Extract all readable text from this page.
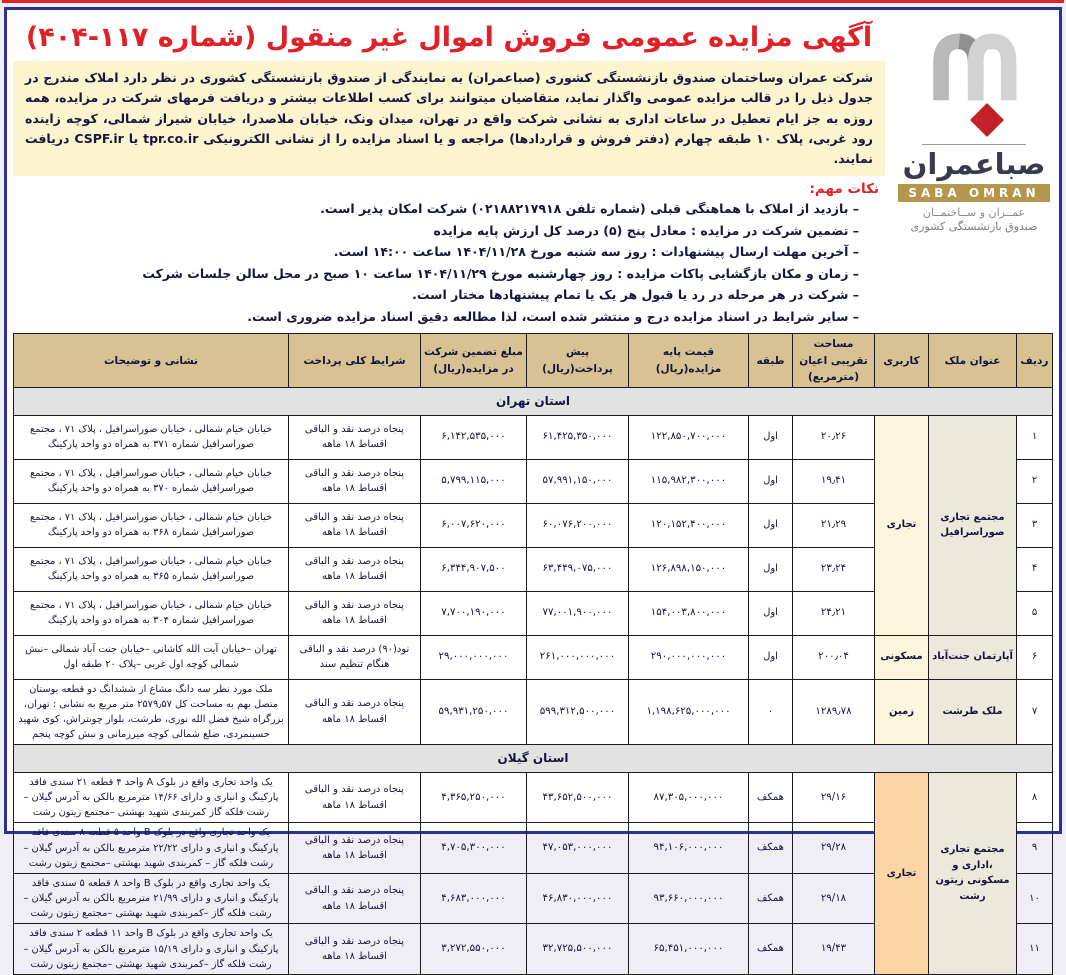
صباعمران
SABA OMRAN
عمــران و ســاختمــان
صندوق بازنشستگی کشوری
آگهی مزایده عمومی فروش اموال غیر منقول (شماره ۱۱۷-۴۰۴)
شرکت عمران وساختمان صندوق بازنشستگی کشوری (صباعمران) به نمایندگی از صندوق بازنشستگی کشوری در نظر دارد املاک مندرج در جدول ذیل را در قالب مزایده عمومی واگذار نماید، متقاضیان میتوانند برای کسب اطلاعات بیشتر و دریافت فرمهای شرکت در مزایده، همه روزه به جز ایام تعطیل در ساعات اداری به نشانی شرکت واقع در تهران، میدان ونک، خیابان ملاصدرا، خیابان شیراز شمالی، کوچه زاینده رود غربی، پلاک ۱۰ طبقه چهارم (دفتر فروش و قراردادها) مراجعه و یا اسناد مزایده را از نشانی الکترونیکی tpr.co.ir یا CSPF.ir دریافت نمایند.
نکات مهم:
– بازدید از املاک با هماهنگی قبلی (شماره تلفن ۰۲۱۸۸۲۱۷۹۱۸) شرکت امکان پذیر است.
– تضمین شرکت در مزایده : معادل پنج (۵) درصد کل ارزش پایه مزایده
– آخرین مهلت ارسال پیشنهادات : روز سه شنبه مورخ ۱۴۰۴/۱۱/۲۸ ساعت ۱۴:۰۰ است.
– زمان و مکان بازگشایی پاکات مزایده : روز چهارشنبه مورخ ۱۴۰۴/۱۱/۲۹ ساعت ۱۰ صبح در محل سالن جلسات شرکت
– شرکت در هر مرحله در رد یا قبول هر یک یا تمام پیشنهادها مختار است.
– سایر شرایط در اسناد مزایده درج و منتشر شده است، لذا مطالعه دقیق اسناد مزایده ضروری است.
ردیف	عنوان ملک	کاربری	مساحت تقریبی اعیان (مترمربع)	طبقه	قیمت پایه مزایده(ریال)	پیش پرداخت(ریال)	مبلغ تضمین شرکت در مزایده(ریال)	شرایط کلی پرداخت	نشانی و توضیحات
استان تهران									
۱	مجتمع تجاری صوراسرافیل	تجاری	۲۰٫۲۶	اول	۱۲۲,۸۵۰,۷۰۰,۰۰۰	۶۱,۴۲۵,۳۵۰,۰۰۰	۶,۱۴۲,۵۳۵,۰۰۰	پنجاه درصد نقد و الباقی اقساط ۱۸ ماهه	خیابان خیام شمالی ، خیابان صوراسرافیل ، پلاک ۷۱ ، مجتمع صوراسرافیل شماره ۳۷۱ به همراه دو واحد پارکینگ
۲			۱۹٫۴۱	اول	۱۱۵,۹۸۲,۳۰۰,۰۰۰	۵۷,۹۹۱,۱۵۰,۰۰۰	۵,۷۹۹,۱۱۵,۰۰۰	پنجاه درصد نقد و الباقی اقساط ۱۸ ماهه	خیابان خیام شمالی ، خیابان صوراسرافیل ، پلاک ۷۱ ، مجتمع صوراسرافیل شماره ۳۷۰ به همراه دو واحد پارکینگ
۳			۲۱٫۲۹	اول	۱۲۰,۱۵۲,۴۰۰,۰۰۰	۶۰,۰۷۶,۲۰۰,۰۰۰	۶,۰۰۷,۶۲۰,۰۰۰	پنجاه درصد نقد و الباقی اقساط ۱۸ ماهه	خیابان خیام شمالی ، خیابان صوراسرافیل ، پلاک ۷۱ ، مجتمع صوراسرافیل شماره ۳۶۸ به همراه دو واحد پارکینگ
۴			۲۳٫۲۴	اول	۱۲۶,۸۹۸,۱۵۰,۰۰۰	۶۳,۴۴۹,۰۷۵,۰۰۰	۶,۳۴۴,۹۰۷,۵۰۰	پنجاه درصد نقد و الباقی اقساط ۱۸ ماهه	خیابان خیام شمالی ، خیابان صوراسرافیل ، پلاک ۷۱ ، مجتمع صوراسرافیل شماره ۳۶۵ به همراه دو واحد پارکینگ
۵			۲۴٫۲۱	اول	۱۵۴,۰۰۳,۸۰۰,۰۰۰	۷۷,۰۰۱,۹۰۰,۰۰۰	۷,۷۰۰,۱۹۰,۰۰۰	پنجاه درصد نقد و الباقی اقساط ۱۸ ماهه	خیابان خیام شمالی ، خیابان صوراسرافیل ، پلاک ۷۱ ، مجتمع صوراسرافیل شماره ۳۰۴ به همراه دو واحد پارکینگ
۶	آپارتمان جنت‌آباد	مسکونی	۲۰۰٫۰۴	اول	۲۹۰,۰۰۰,۰۰۰,۰۰۰	۲۶۱,۰۰۰,۰۰۰,۰۰۰	۲۹,۰۰۰,۰۰۰,۰۰۰	نود(۹۰) درصد نقد و الباقی هنگام تنظیم سند	تهران –خیابان آیت الله کاشانی –خیابان جنت آباد شمالی –نبش شمالی کوچه اول غربی –پلاک ۲۰ طبقه اول
۷	ملک طرشت	زمین	۱۲۸۹٫۷۸	۰	۱,۱۹۸,۶۲۵,۰۰۰,۰۰۰	۵۹۹,۳۱۲,۵۰۰,۰۰۰	۵۹,۹۳۱,۲۵۰,۰۰۰	پنجاه درصد نقد و الباقی اقساط ۱۸ ماهه	ملک مورد نظر سه دانگ مشاع از ششدانگ دو قطعه بوستان متصل بهم به مساحت کل ۲۵۷۹٫۵۷ متر مربع به نشانی : تهران، بزرگراه شیخ فضل الله نوری، طرشت، بلوار چوبتراش، کوی شهید حسینمردی، ضلع شمالی کوچه میرزمانی و نبش کوچه پنجم
استان گیلان									
۸	مجتمع تجاری ،اداری و مسکونی زیتون رشت	تجاری	۲۹/۱۶	همکف	۸۷,۳۰۵,۰۰۰,۰۰۰	۴۳,۶۵۲,۵۰۰,۰۰۰	۴,۳۶۵,۲۵۰,۰۰۰	پنجاه درصد نقد و الباقی اقساط ۱۸ ماهه	یک واحد تجاری واقع در بلوک A واحد ۴ قطعه ۲۱ سندی فاقد پارکینگ و انباری و دارای ۱۴/۶۶ مترمربع بالکن به آدرس گیلان –رشت فلکه گاز کمربندی شهید بهشتی –مجتمع زیتون رشت
۹			۲۹/۲۸	همکف	۹۴,۱۰۶,۰۰۰,۰۰۰	۴۷,۰۵۳,۰۰۰,۰۰۰	۴,۷۰۵,۳۰۰,۰۰۰	پنجاه درصد نقد و الباقی اقساط ۱۸ ماهه	یک واحد تجاری واقع در بلوک B واحد ۵ قطعه ۸ سندی فاقد پارکینگ و انباری و دارای ۲۲/۲۲ مترمربع بالکن به آدرس گیلان –رشت فلکه گاز – کمربندی شهید بهشتی –مجتمع زیتون رشت
۱۰			۲۹/۱۸	همکف	۹۳,۶۶۰,۰۰۰,۰۰۰	۴۶,۸۳۰,۰۰۰,۰۰۰	۴,۶۸۳,۰۰۰,۰۰۰	پنجاه درصد نقد و الباقی اقساط ۱۸ ماهه	یک واحد تجاری واقع در بلوک B واحد ۸ قطعه ۵ سندی فاقد پارکینگ و انباری و دارای ۲۱/۹۹ مترمربع بالکن به آدرس گیلان –رشت فلکه گاز –کمربندی شهید بهشتی –مجتمع زیتون رشت
۱۱			۱۹/۴۳	همکف	۶۵,۴۵۱,۰۰۰,۰۰۰	۳۲,۷۲۵,۵۰۰,۰۰۰	۳,۲۷۲,۵۵۰,۰۰۰	پنجاه درصد نقد و الباقی اقساط ۱۸ ماهه	یک واحد تجاری واقع در بلوک B واحد ۱۱ قطعه ۲ سندی فاقد پارکینگ و انباری و دارای ۱۵/۱۹ مترمربع بالکن به آدرس گیلان –رشت فلکه گاز –کمربندی شهید بهشتی –مجتمع زیتون رشت
